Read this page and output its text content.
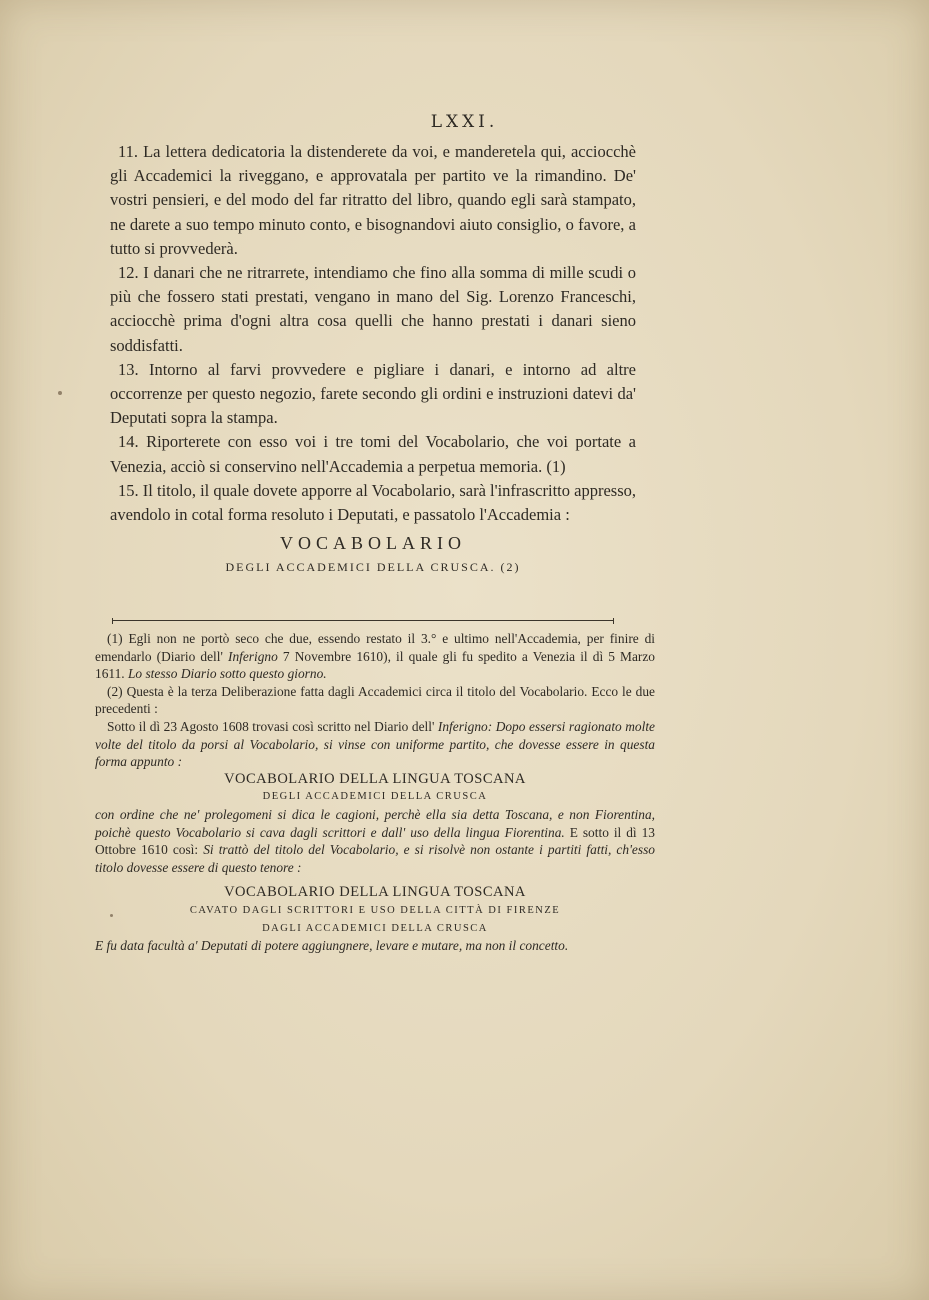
LXXI.

11. La lettera dedicatoria la distenderete da voi, e manderetela qui, acciocchè gli Accademici la riveggano, e approvatala per partito ve la rimandino. De' vostri pensieri, e del modo del far ritratto del libro, quando egli sarà stampato, ne darete a suo tempo minuto conto, e bisognandovi aiuto consiglio, o favore, a tutto si provvederà.

12. I danari che ne ritrarrete, intendiamo che fino alla somma di mille scudi o più che fossero stati prestati, vengano in mano del Sig. Lorenzo Franceschi, acciocchè prima d'ogni altra cosa quelli che hanno prestati i danari sieno soddisfatti.

13. Intorno al farvi provvedere e pigliare i danari, e intorno ad altre occorrenze per questo negozio, farete secondo gli ordini e instruzioni datevi da' Deputati sopra la stampa.

14. Riporterete con esso voi i tre tomi del Vocabolario, che voi portate a Venezia, acciò si conservino nell'Accademia a perpetua memoria. (1)

15. Il titolo, il quale dovete apporre al Vocabolario, sarà l'infrascritto appresso, avendolo in cotal forma resoluto i Deputati, e passatolo l'Accademia :

VOCABOLARIO
DEGLI ACCADEMICI DELLA CRUSCA. (2)

(1) Egli non ne portò seco che due, essendo restato il 3.° e ultimo nell'Accademia, per finire di emendarlo (Diario dell' Inferigno 7 Novembre 1610), il quale gli fu spedito a Venezia il dì 5 Marzo 1611. Lo stesso Diario sotto questo giorno.

(2) Questa è la terza Deliberazione fatta dagli Accademici circa il titolo del Vocabolario. Ecco le due precedenti :

Sotto il dì 23 Agosto 1608 trovasi così scritto nel Diario dell' Inferigno: Dopo essersi ragionato molte volte del titolo da porsi al Vocabolario, si vinse con uniforme partito, che dovesse essere in questa forma appunto :

VOCABOLARIO DELLA LINGUA TOSCANA

DEGLI ACCADEMICI DELLA CRUSCA

con ordine che ne' prolegomeni si dica le cagioni, perchè ella sia detta Toscana, e non Fiorentina, poichè questo Vocabolario si cava dagli scrittori e dall' uso della lingua Fiorentina. E sotto il dì 13 Ottobre 1610 così: Si trattò del titolo del Vocabolario, e si risolvè non ostante i partiti fatti, ch'esso titolo dovesse essere di questo tenore :

VOCABOLARIO DELLA LINGUA TOSCANA

CAVATO DAGLI SCRITTORI E USO DELLA CITTÀ DI FIRENZE

DAGLI ACCADEMICI DELLA CRUSCA

E fu data facultà a' Deputati di potere aggiungnere, levare e mutare, ma non il concetto.
